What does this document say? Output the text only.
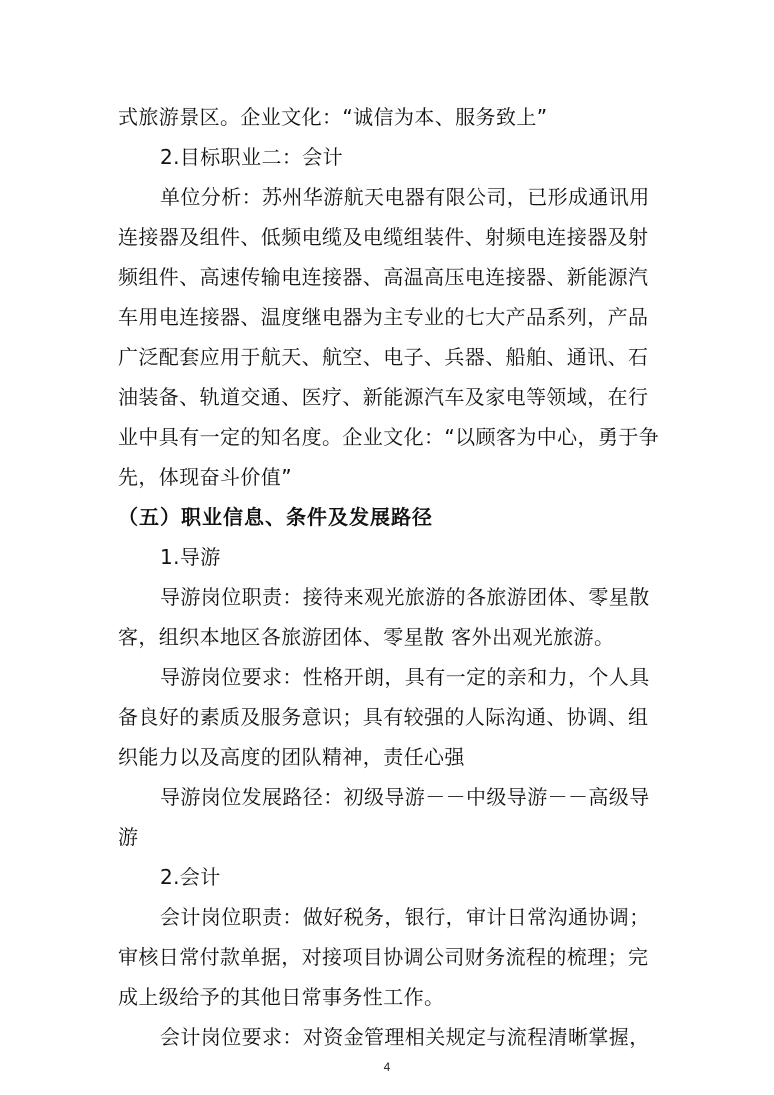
式旅游景区。企业文化：“诚信为本、服务致上”
2.目标职业二：会计
单位分析：苏州华游航天电器有限公司，已形成通讯用
连接器及组件、低频电缆及电缆组装件、射频电连接器及射
频组件、高速传输电连接器、高温高压电连接器、新能源汽
车用电连接器、温度继电器为主专业的七大产品系列，产品
广泛配套应用于航天、航空、电子、兵器、船舶、通讯、石
油装备、轨道交通、医疗、新能源汽车及家电等领域，在行
业中具有一定的知名度。企业文化：“以顾客为中心，勇于争
先，体现奋斗价值”
（五）职业信息、条件及发展路径
1.导游
导游岗位职责：接待来观光旅游的各旅游团体、零星散
客，组织本地区各旅游团体、零星散 客外出观光旅游。
导游岗位要求：性格开朗，具有一定的亲和力，个人具
备良好的素质及服务意识；具有较强的人际沟通、协调、组
织能力以及高度的团队精神，责任心强
导游岗位发展路径：初级导游－－中级导游－－高级导
游
2.会计
会计岗位职责：做好税务，银行，审计日常沟通协调；
审核日常付款单据，对接项目协调公司财务流程的梳理；完
成上级给予的其他日常事务性工作。
会计岗位要求：对资金管理相关规定与流程清晰掌握，
4
